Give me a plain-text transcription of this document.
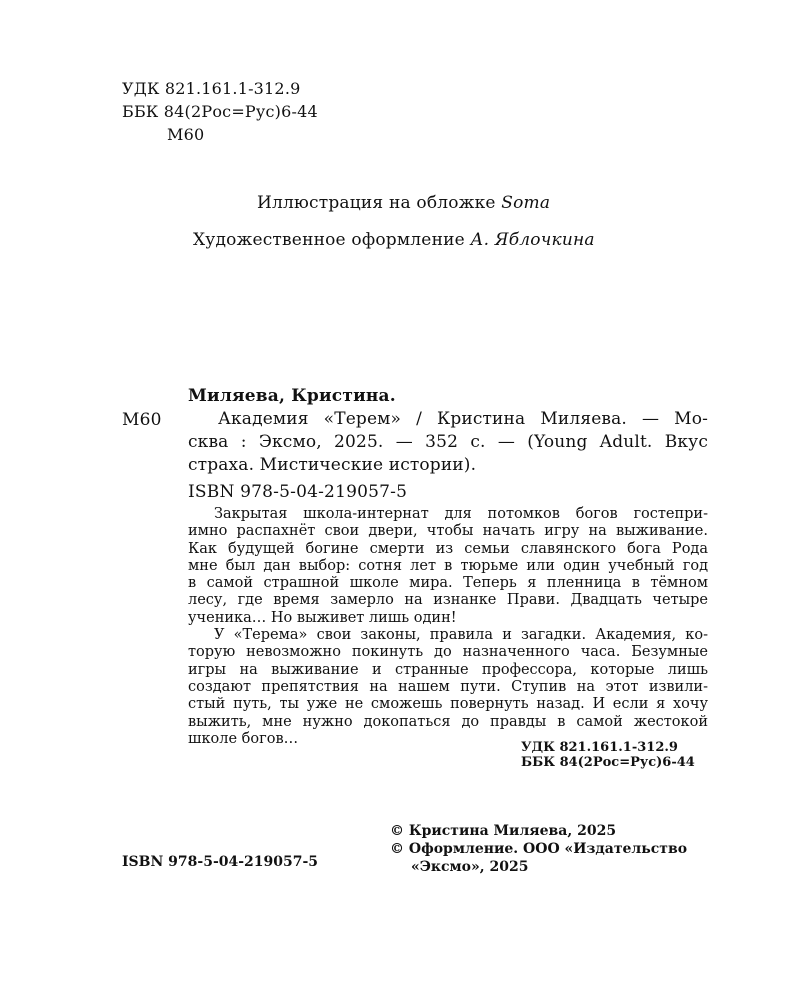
УДК 821.161.1-312.9
ББК 84(2Рос=Рус)6-44
М60
Иллюстрация на обложке Soma
Художественное оформление А. Яблочкина
Миляева, Кристина.
М60	Академия «Терем» / Кристина Миляева. — Мо-
сква : Эксмо, 2025. — 352 с. — (Young Adult. Вкус
страха. Мистические истории).
ISBN 978-5-04-219057-5
Закрытая школа-интернат для потомков богов гостепри-
имно распахнёт свои двери, чтобы начать игру на выживание.
Как будущей богине смерти из семьи славянского бога Рода
мне был дан выбор: сотня лет в тюрьме или один учебный год
в самой страшной школе мира. Теперь я пленница в тёмном
лесу, где время замерло на изнанке Прави. Двадцать четыре
ученика… Но выживет лишь один!
У «Терема» свои законы, правила и загадки. Академия, ко-
торую невозможно покинуть до назначенного часа. Безумные
игры на выживание и странные профессора, которые лишь
создают препятствия на нашем пути. Ступив на этот извили-
стый путь, ты уже не сможешь повернуть назад. И если я хочу
выжить, мне нужно докопаться до правды в самой жестокой
школе богов…
УДК 821.161.1-312.9
ББК 84(2Рос=Рус)6-44
© Кристина Миляева, 2025
© Оформление. ООО «Издательство
«Эксмо», 2025
ISBN 978-5-04-219057-5
